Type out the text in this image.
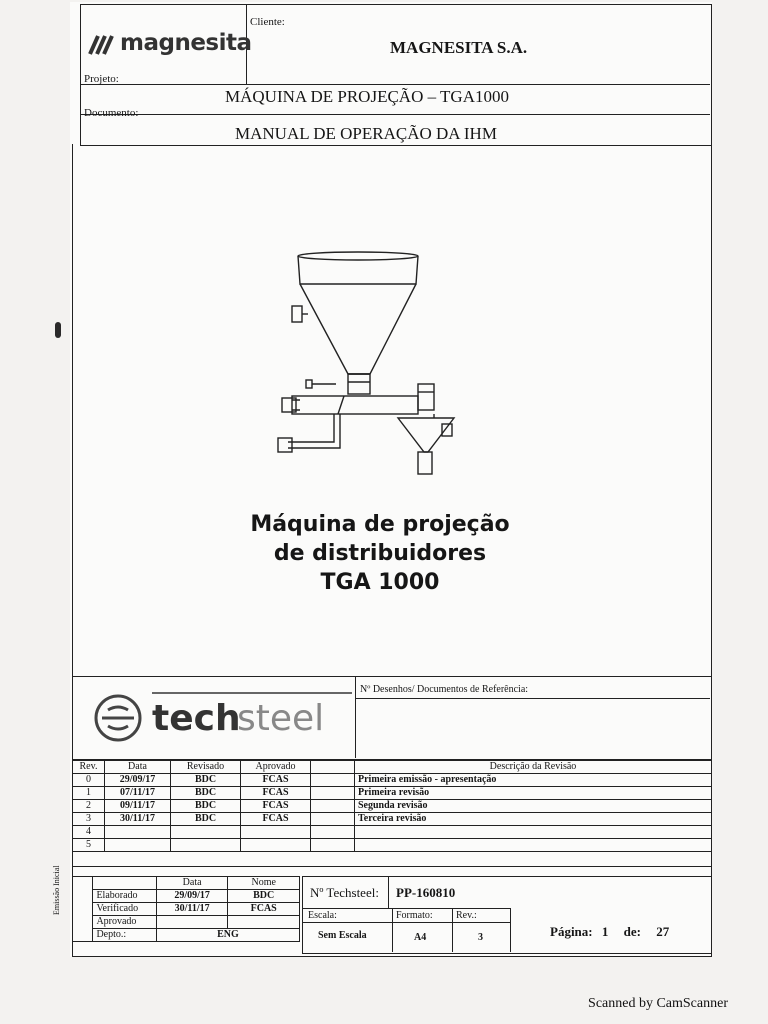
magnesita
Cliente:
MAGNESITA S.A.
Projeto:
MÁQUINA DE PROJEÇÃO – TGA1000
Documento:
MANUAL DE OPERAÇÃO DA IHM
Máquina de projeção
de distribuidores
TGA 1000
tech
steel
Nº Desenhos/ Documentos de Referência:
Rev.	Data	Revisado	Aprovado		Descrição da Revisão
0	29/09/17	BDC	FCAS		Primeira emissão - apresentação
1	07/11/17	BDC	FCAS		Primeira revisão
2	09/11/17	BDC	FCAS		Segunda revisão
3	30/11/17	BDC	FCAS		Terceira revisão
4					
5					

Emissão Inicial		Data	Nome
	Elaborado	29/09/17	BDC
	Verificado	30/11/17	FCAS
	Aprovado		
	Depto.:	ENG	
Nº Techsteel: PP-160810
Escala:	Formato: Rev.:
Sem Escala	A4	3	Página: 1 de: 27
Scanned by CamScanner
